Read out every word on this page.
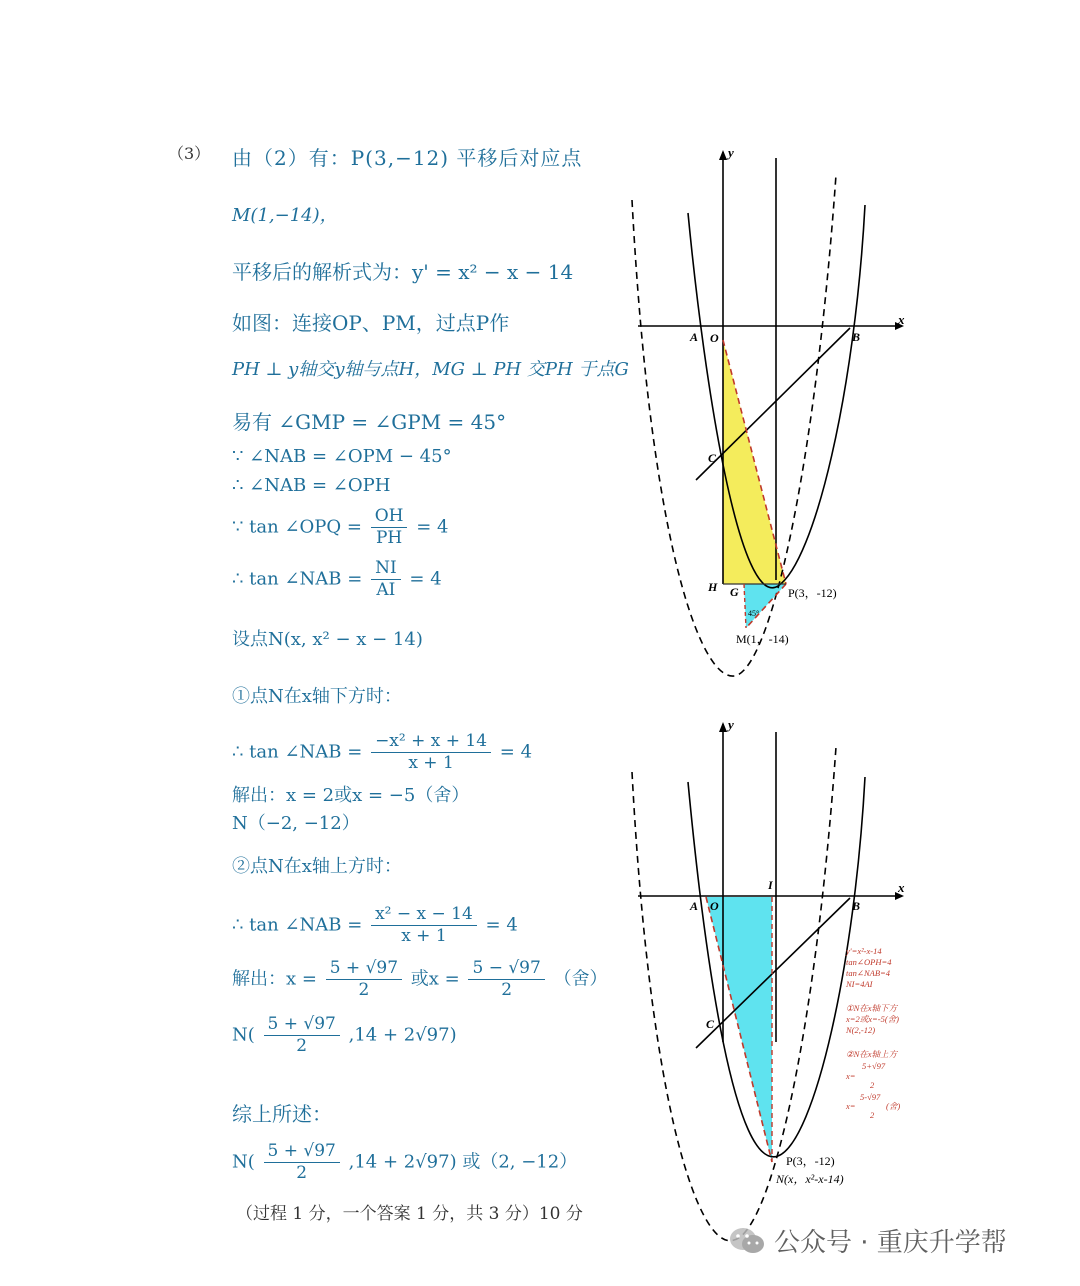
（3） 由（2）有：P(3,−12) 平移后对应点
M(1,−14)，
平移后的解析式为：y' = x² − x − 14
如图：连接OP、PM，过点P作
PH ⊥ y轴交y轴与点H，MG ⊥ PH 交PH 于点G
易有 ∠GMP = ∠GPM = 45°
∵ ∠NAB = ∠OPM − 45°
∴ ∠NAB = ∠OPH
∵ tan ∠OPQ = $\frac{OH}{PH} = 4$
∴ tan ∠NAB = $\frac{NI}{AI} = 4$
设点N(x, x² − x − 14)
①点N在x轴下方时：
∴ tan ∠NAB = $\frac{\text{−x² + x + 14}}{x + 1} = 4$
解出：x = 2或x = −5（舍）
N（−2, −12）
②点N在x轴上方时：
∴ tan ∠NAB = $\frac{\text{x² − x − 14}}{x + 1} = 4$
解出：$x = \frac{5 + √97}{2}$ 或$x = \frac{5 - √97}{2}$ （舍）
$N( \frac{5 + √97}{2} ,14 + 2√97)$
综上所述：
$N( \frac{5 + √97}{2} ,14 + 2√97)$ 或（2, −12）
（过程 1 分，一个答案 1 分，共 3 分）10 分
y
x
A O	B
C
H G	P(3，-12)
M(1，-14)
45°
y
x
A O
I
B
C
P(3，-12)
N(x，x²-x-14)
y'=x²-x-14
tan∠OPH=4
tan∠NAB=4
NI=4AI
①N在x轴下方
x=2或x=-5(舍)
N(2,-12)
②N在x轴上方
5+√97
x=
2
5-√97
x=
2
(舍)
公众号 · 重庆升学帮
